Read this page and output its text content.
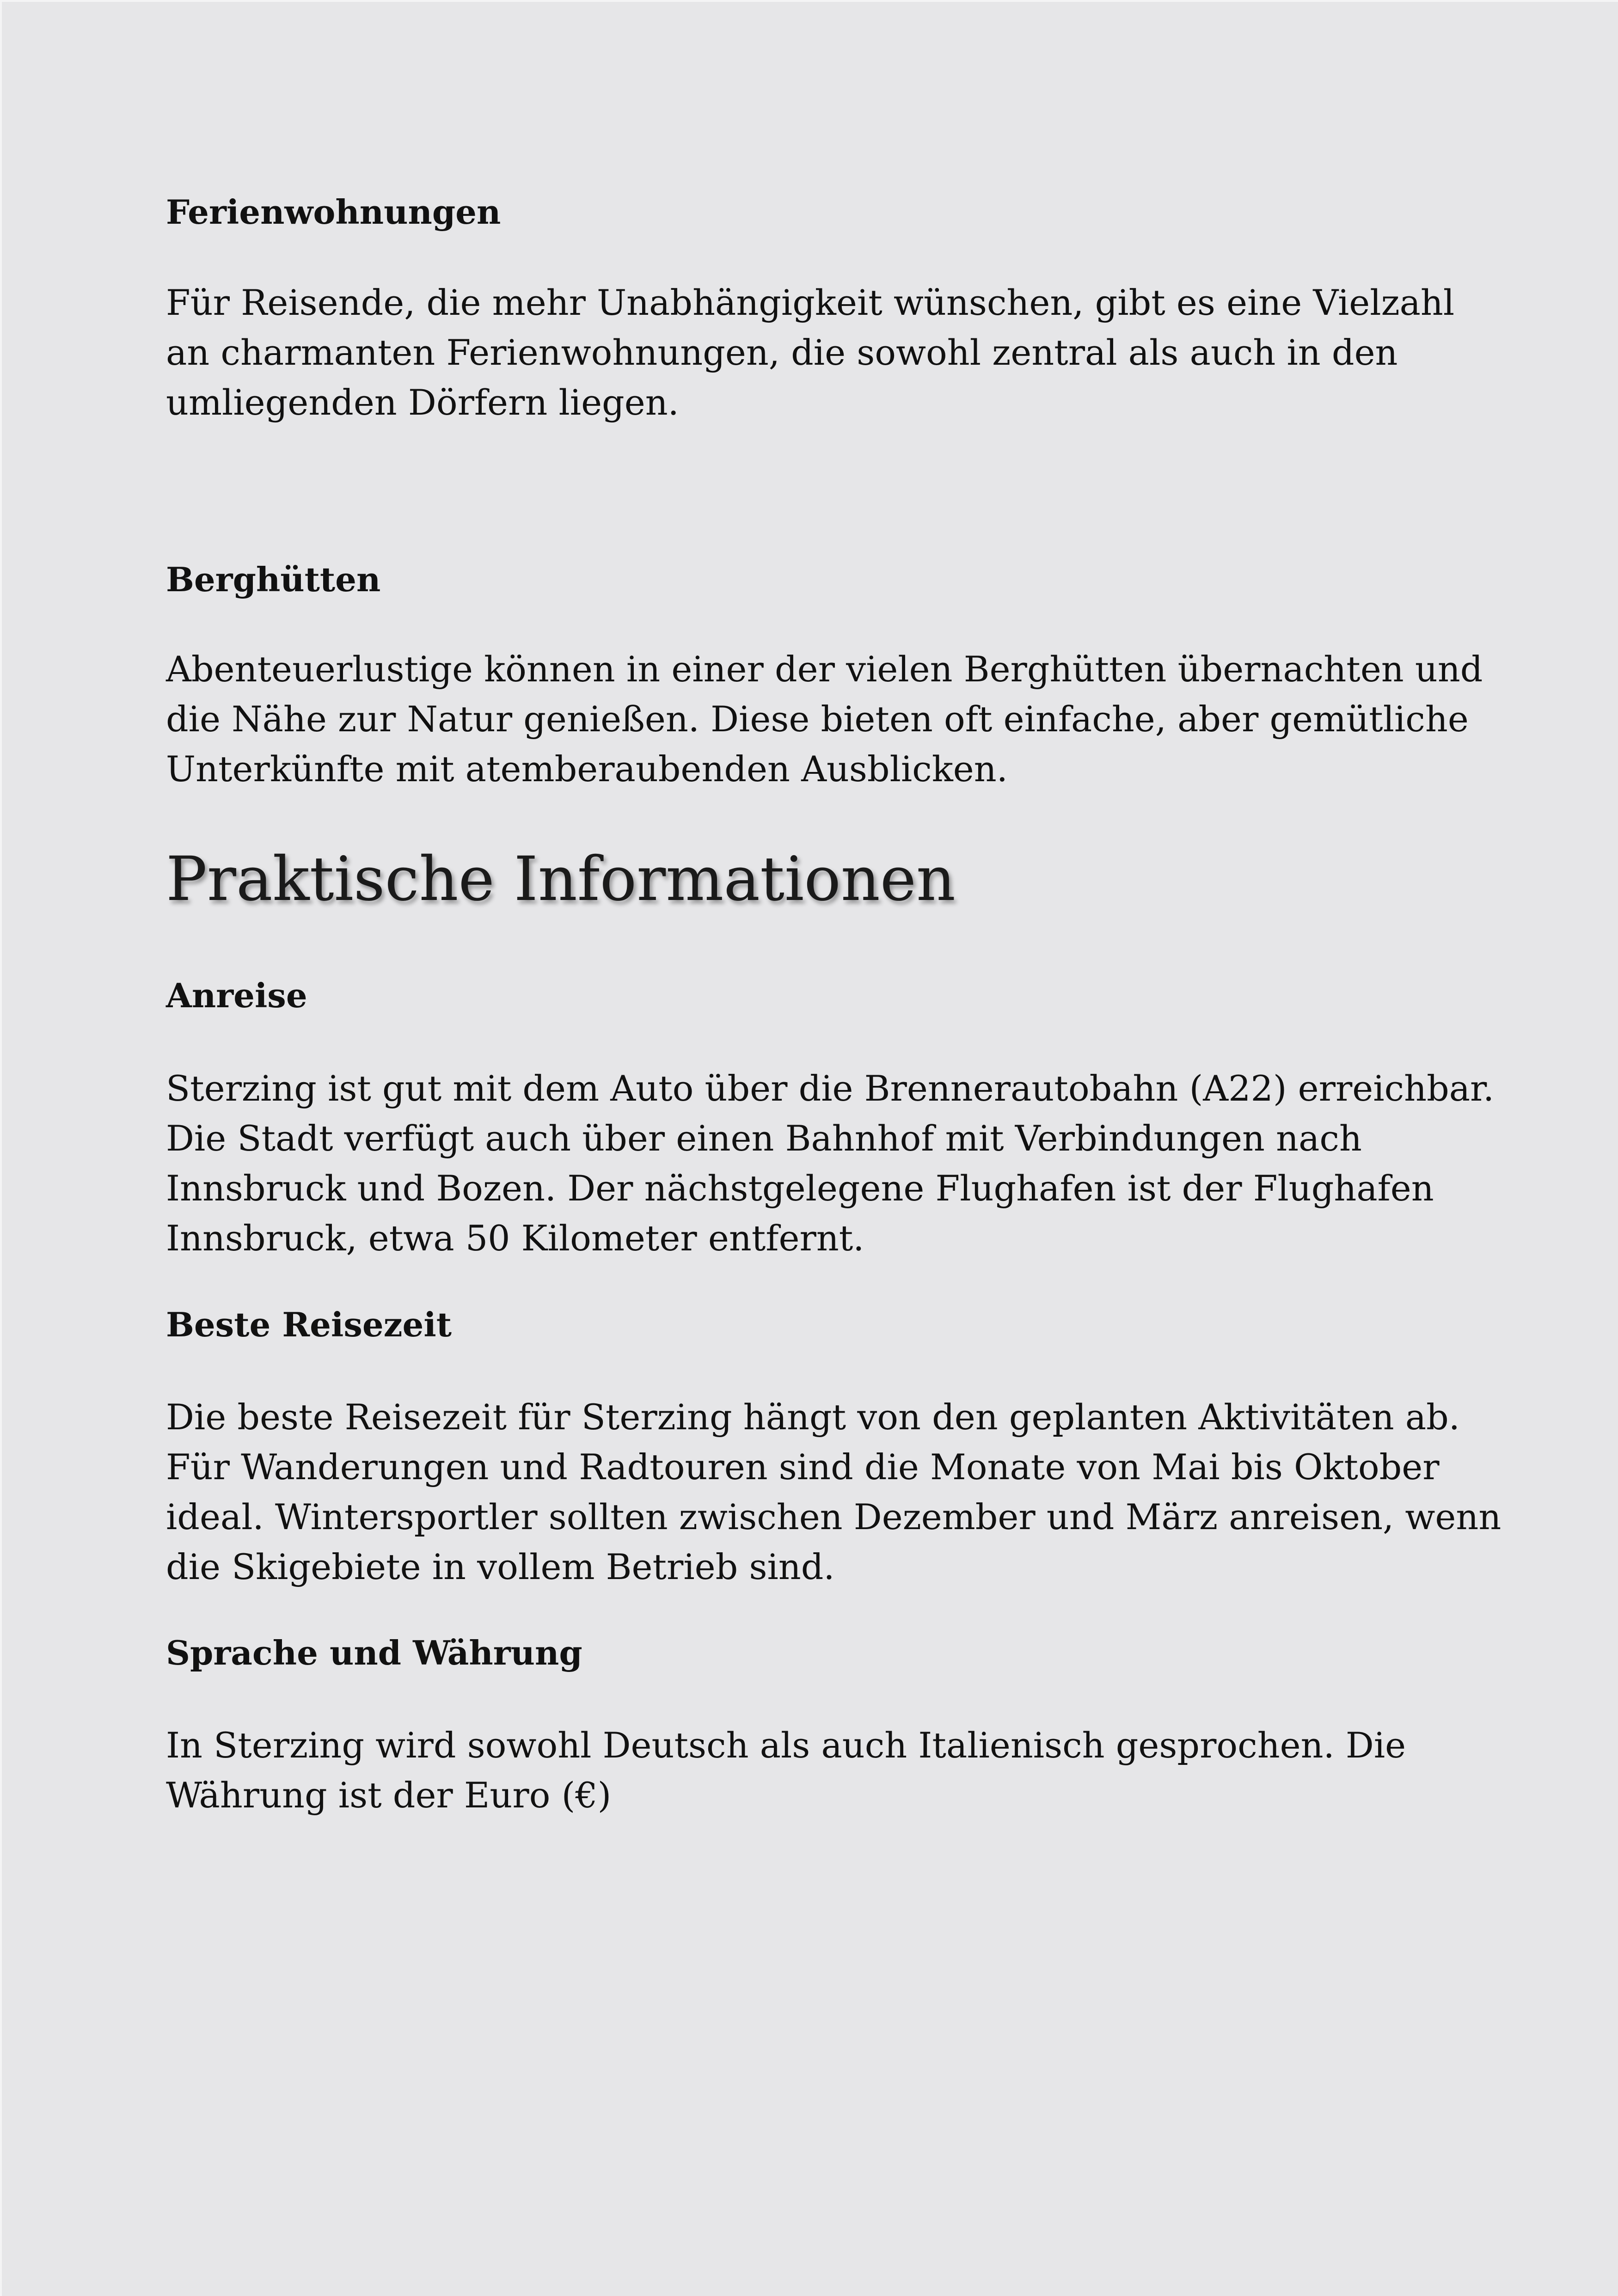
Ferienwohnungen
Für Reisende, die mehr Unabhängigkeit wünschen, gibt es eine Vielzahl
an charmanten Ferienwohnungen, die sowohl zentral als auch in den
umliegenden Dörfern liegen.
Berghütten
Abenteuerlustige können in einer der vielen Berghütten übernachten und
die Nähe zur Natur genießen. Diese bieten oft einfache, aber gemütliche
Unterkünfte mit atemberaubenden Ausblicken.
Praktische Informationen
Anreise
Sterzing ist gut mit dem Auto über die Brennerautobahn (A22) erreichbar.
Die Stadt verfügt auch über einen Bahnhof mit Verbindungen nach
Innsbruck und Bozen. Der nächstgelegene Flughafen ist der Flughafen
Innsbruck, etwa 50 Kilometer entfernt.
Beste Reisezeit
Die beste Reisezeit für Sterzing hängt von den geplanten Aktivitäten ab.
Für Wanderungen und Radtouren sind die Monate von Mai bis Oktober
ideal. Wintersportler sollten zwischen Dezember und März anreisen, wenn
die Skigebiete in vollem Betrieb sind.
Sprache und Währung
In Sterzing wird sowohl Deutsch als auch Italienisch gesprochen. Die
Währung ist der Euro (€)
